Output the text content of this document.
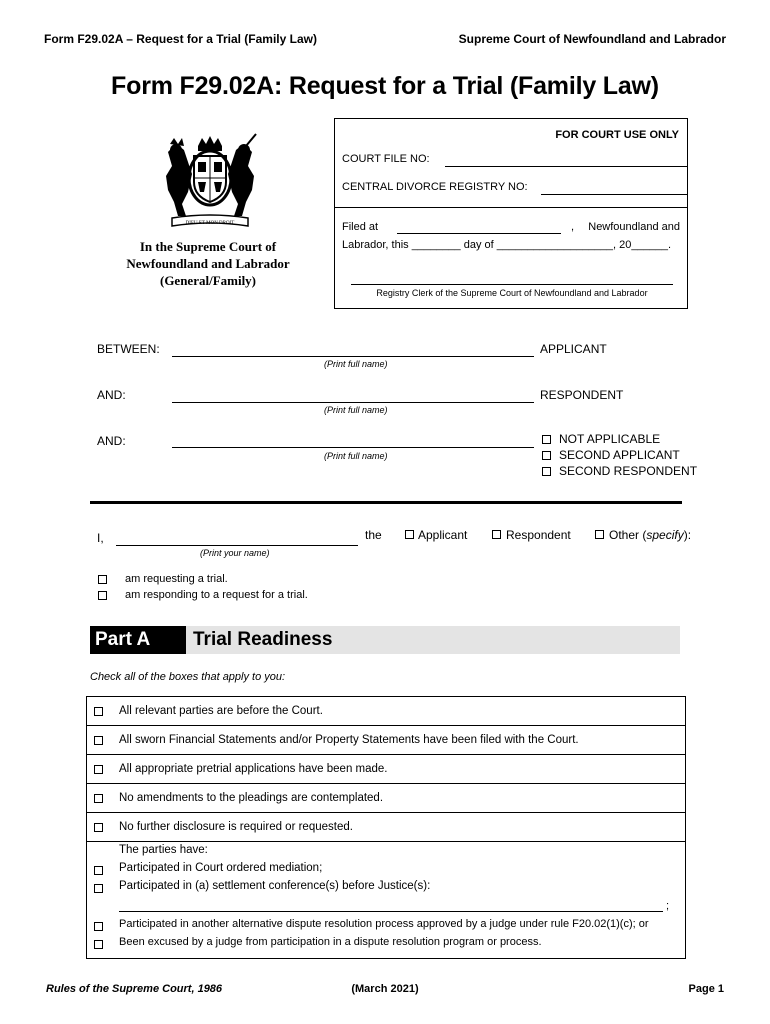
Form F29.02A – Request for a Trial (Family Law)	Supreme Court of Newfoundland and Labrador
Form F29.02A: Request for a Trial (Family Law)
DIEU ET MON DROIT
In the Supreme Court of
Newfoundland and Labrador
(General/Family)
FOR COURT USE ONLY
COURT FILE NO:
CENTRAL DIVORCE REGISTRY NO:
Filed at	, Newfoundland and
Labrador, this ________ day of ___________________, 20______.
Registry Clerk of the Supreme Court of Newfoundland and Labrador
BETWEEN:
(Print full name)
APPLICANT
AND:
(Print full name)
RESPONDENT
AND:
(Print full name)
NOT APPLICABLE
SECOND APPLICANT
SECOND RESPONDENT
I,
(Print your name)
the	Applicant	Respondent	Other (specify):
am requesting a trial.
am responding to a request for a trial.
Part A	Trial Readiness
Check all of the boxes that apply to you:
All relevant parties are before the Court.
All sworn Financial Statements and/or Property Statements have been filed with the Court.
All appropriate pretrial applications have been made.
No amendments to the pleadings are contemplated.
No further disclosure is required or requested.
The parties have:
Participated in Court ordered mediation;
Participated in (a) settlement conference(s) before Justice(s):
;
Participated in another alternative dispute resolution process approved by a judge under rule F20.02(1)(c); or
Been excused by a judge from participation in a dispute resolution program or process.
Rules of the Supreme Court, 1986	(March 2021)	Page 1
